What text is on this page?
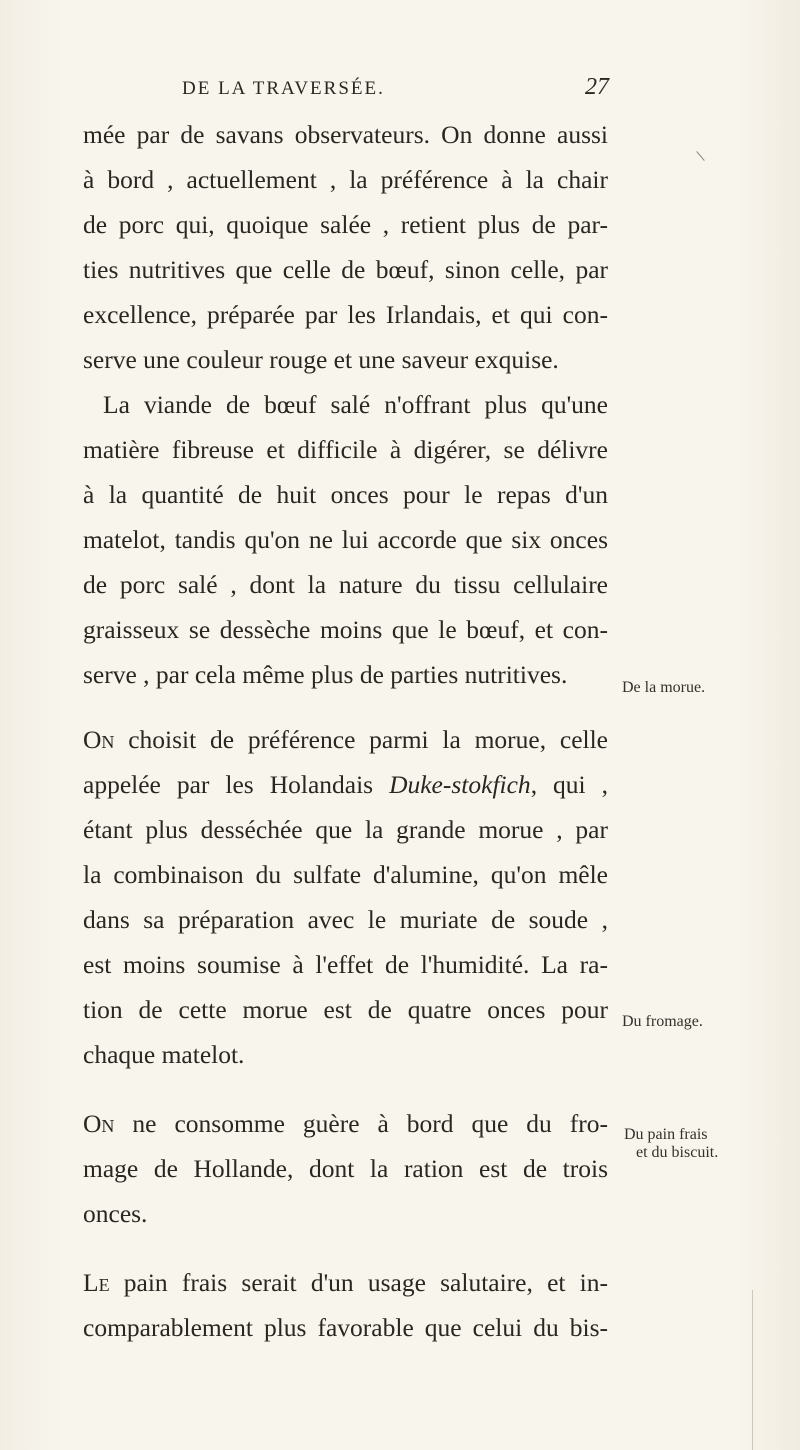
DE LA TRAVERSÉE.	27
mée par de savans observateurs. On donne aussi
à bord , actuellement , la préférence à la chair
de porc qui, quoique salée , retient plus de par-
ties nutritives que celle de bœuf, sinon celle, par
excellence, préparée par les Irlandais, et qui con-
serve une couleur rouge et une saveur exquise.
La viande de bœuf salé n'offrant plus qu'une
matière fibreuse et difficile à digérer, se délivre
à la quantité de huit onces pour le repas d'un
matelot, tandis qu'on ne lui accorde que six onces
de porc salé , dont la nature du tissu cellulaire
graisseux se dessèche moins que le bœuf, et con-
serve , par cela même plus de parties nutritives.
On choisit de préférence parmi la morue, celle
appelée par les Holandais Duke-stokfich, qui ,
étant plus desséchée que la grande morue , par
la combinaison du sulfate d'alumine, qu'on mêle
dans sa préparation avec le muriate de soude ,
est moins soumise à l'effet de l'humidité. La ra-
tion de cette morue est de quatre onces pour
chaque matelot.
On ne consomme guère à bord que du fro-
mage de Hollande, dont la ration est de trois
onces.
Le pain frais serait d'un usage salutaire, et in-
comparablement plus favorable que celui du bis-
De la morue.
Du fromage.
Du pain frais
et du biscuit.
